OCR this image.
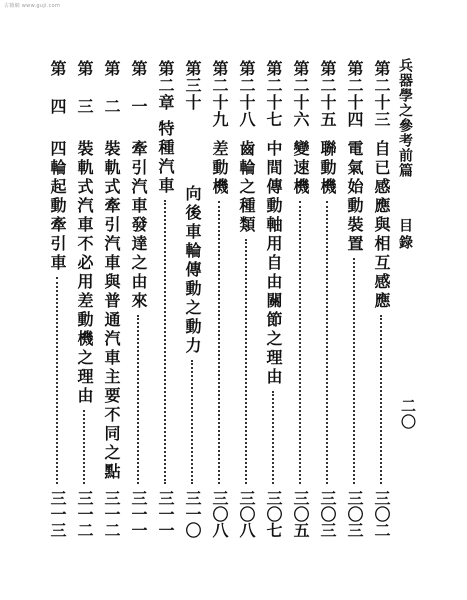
古籍網 www.guji.com
兵器學之參考前篇
目錄
二〇
第二十三
自已感應與相互感應
三〇二
第二十四
電氣始動裝置
三〇三
第二十五
聯動機
三〇三
第二十六
變速機
三〇五
第二十七
中間傳動軸用自由關節之理由
三〇七
第二十八
齒輪之種類
三〇八
第二十九
差動機
三〇八
第三十
向後車輪傳動之動力
三一〇
第二章
特種汽車
三一一
第一
牽引汽車發達之由來
三一一
第二
裝軌式牽引汽車與普通汽車主要不同之點
三一二
第三
裝軌式汽車不必用差動機之理由
三一二
第四
四輪起動牽引車
三一三
